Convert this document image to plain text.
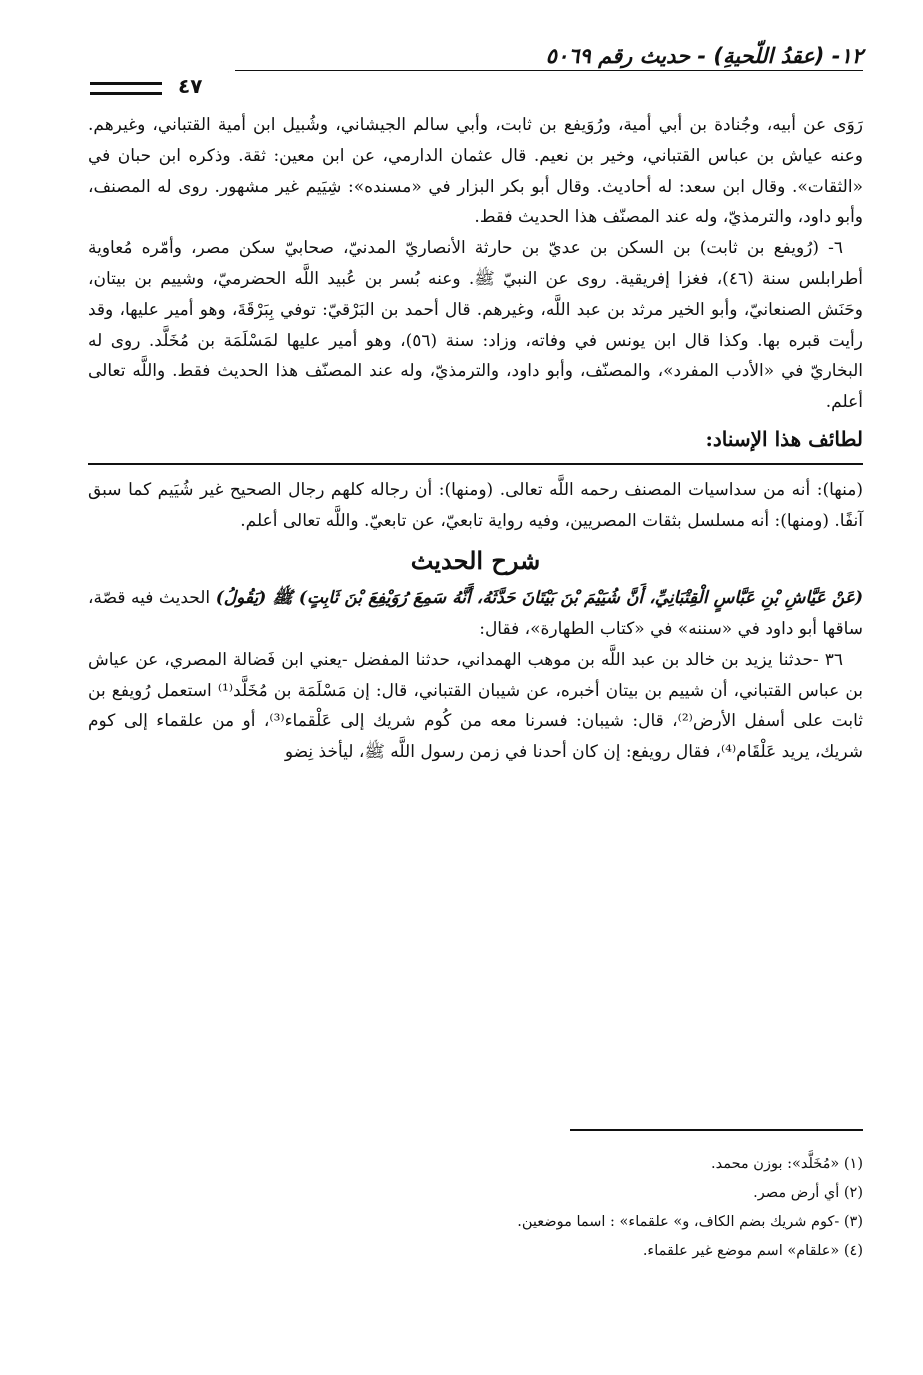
١٢- (عقدُ اللّحيةِ) - حديث رقم ٥٠٦٩
٤٧

رَوَى عن أبيه، وجُنادة بن أبي أمية، ورُوَيفع بن ثابت، وأبي سالم الجيشاني، وشُبيل ابن أمية القتباني، وغيرهم. وعنه عياش بن عباس القتباني، وخير بن نعيم. قال عثمان الدارمي، عن ابن معين: ثقة. وذكره ابن حبان في «الثقات». وقال ابن سعد: له أحاديث. وقال أبو بكر البزار في «مسنده»: شِيَيم غير مشهور. روى له المصنف، وأبو داود، والترمذيّ، وله عند المصنّف هذا الحديث فقط.

٦- (رُويفع بن ثابت) بن السكن بن عديّ بن حارثة الأنصاريّ المدنيّ، صحابيّ سكن مصر، وأمّره مُعاوية أطرابلس سنة (٤٦)، فغزا إفريقية. روى عن النبيّ ﷺ. وعنه بُسر بن عُبيد اللَّه الحضرميّ، وشييم بن بيتان، وحَنَش الصنعانيّ، وأبو الخير مرثد بن عبد اللَّه، وغيرهم. قال أحمد بن البَرْقيّ: توفي بِبَرْقَةَ، وهو أمير عليها، وقد رأيت قبره بها. وكذا قال ابن يونس في وفاته، وزاد: سنة (٥٦)، وهو أمير عليها لمَسْلَمَة بن مُخَلَّد. روى له البخاريّ في «الأدب المفرد»، والمصنّف، وأبو داود، والترمذيّ، وله عند المصنّف هذا الحديث فقط. واللَّه تعالى أعلم.

لطائف هذا الإسناد:

(منها): أنه من سداسيات المصنف رحمه اللَّه تعالى. (ومنها): أن رجاله كلهم رجال الصحيح غير شُيَيم كما سبق آنفًا. (ومنها): أنه مسلسل بثقات المصريين، وفيه رواية تابعيّ، عن تابعيّ. واللَّه تعالى أعلم.

شرح الحديث

(عَنْ عَيَّاشِ بْنِ عَبَّاسٍ الْقِتْبَانِيِّ، أَنَّ شُيَيْمَ بْنَ بَيْتَانَ حَدَّثَهُ، أَنَّهُ سَمِعَ رُوَيْفِعَ بْنَ ثَابِتٍ) ﷺ (يَقُولُ) الحديث فيه قصّة، ساقها أبو داود في «سننه» في «كتاب الطهارة»، فقال:

٣٦ -حدثنا يزيد بن خالد بن عبد اللَّه بن موهب الهمداني، حدثنا المفضل -يعني ابن فَضالة المصري، عن عياش بن عباس القتباني، أن شييم بن بيتان أخبره، عن شيبان القتباني، قال: إن مَسْلَمَة بن مُخَلَّد⁽¹⁾ استعمل رُويفع بن ثابت على أسفل الأرض⁽²⁾، قال: شيبان: فسرنا معه من كُوم شريك إلى عَلْقماء⁽³⁾، أو من علقماء إلى كوم شريك، يريد عَلْقَام⁽⁴⁾، فقال رويفع: إن كان أحدنا في زمن رسول اللَّه ﷺ، ليأخذ نِضو

(١) «مُخَلَّد»: بوزن محمد.

(٢) أي أرض مصر.

(٣) -كوم شريك بضم الكاف، و» علقماء» : اسما موضعين.

(٤) «علقام» اسم موضع غير علقماء.
